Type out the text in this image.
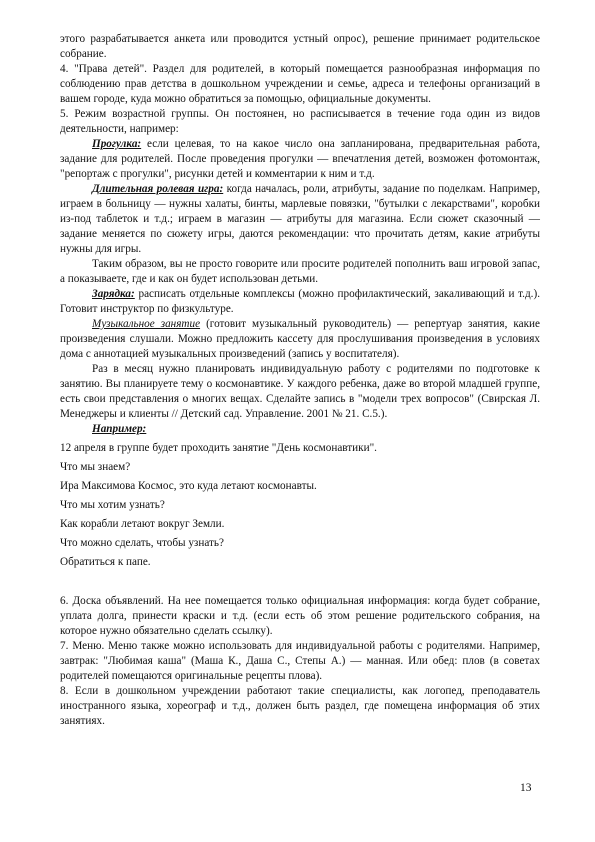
этого разрабатывается анкета или проводится устный опрос), решение принимает родительское собрание.

4. "Права детей". Раздел для родителей, в который помещается разнообразная информация по соблюдению прав детства в дошкольном учреждении и семье, адреса и телефоны организаций в вашем городе, куда можно обратиться за помощью, официальные документы.

5. Режим возрастной группы. Он постоянен, но расписывается в течение года один из видов деятельности, например:

Прогулка: если целевая, то на какое число она запланирована, предварительная работа, задание для родителей. После проведения прогулки — впечатления детей, возможен фотомонтаж, "репортаж с прогулки", рисунки детей и комментарии к ним и т.д.

Длительная ролевая игра: когда началась, роли, атрибуты, задание по поделкам. Например, играем в больницу — нужны халаты, бинты, марлевые повязки, "бутылки с лекарствами", коробки из-под таблеток и т.д.; играем в магазин — атрибуты для магазина. Если сюжет сказочный — задание меняется по сюжету игры, даются рекомендации: что прочитать детям, какие атрибуты нужны для игры.

Таким образом, вы не просто говорите или просите родителей пополнить ваш игровой запас, а показываете, где и как он будет использован детьми.

Зарядка: расписать отдельные комплексы (можно профилактический, закаливающий и т.д.). Готовит инструктор по физкультуре.

Музыкальное занятие (готовит музыкальный руководитель) — репертуар занятия, какие произведения слушали. Можно предложить кассету для прослушивания произведения в условиях дома с аннотацией музыкальных произведений (запись у воспитателя).

Раз в месяц нужно планировать индивидуальную работу с родителями по подготовке к занятию. Вы планируете тему о космонавтике. У каждого ребенка, даже во второй младшей группе, есть свои представления о многих вещах. Сделайте запись в "модели трех вопросов" (Свирская Л. Менеджеры и клиенты // Детский сад. Управление. 2001 № 21. С.5.).

Например:

12 апреля в группе будет проходить занятие "День космонавтики".

Что мы знаем?

Ира Максимова Космос, это куда летают космонавты.

Что мы хотим узнать?

Как корабли летают вокруг Земли.

Что можно сделать, чтобы узнать?

Обратиться к папе.

6. Доска объявлений. На нее помещается только официальная информация: когда будет собрание, уплата долга, принести краски и т.д. (если есть об этом решение родительского собрания, на которое нужно обязательно сделать ссылку).

7. Меню. Меню также можно использовать для индивидуальной работы с родителями. Например, завтрак: "Любимая каша" (Маша К., Даша С., Степы А.) — манная. Или обед: плов (в советах родителей помещаются оригинальные рецепты плова).

8. Если в дошкольном учреждении работают такие специалисты, как логопед, преподаватель иностранного языка, хореограф и т.д., должен быть раздел, где помещена информация об этих занятиях.

13
